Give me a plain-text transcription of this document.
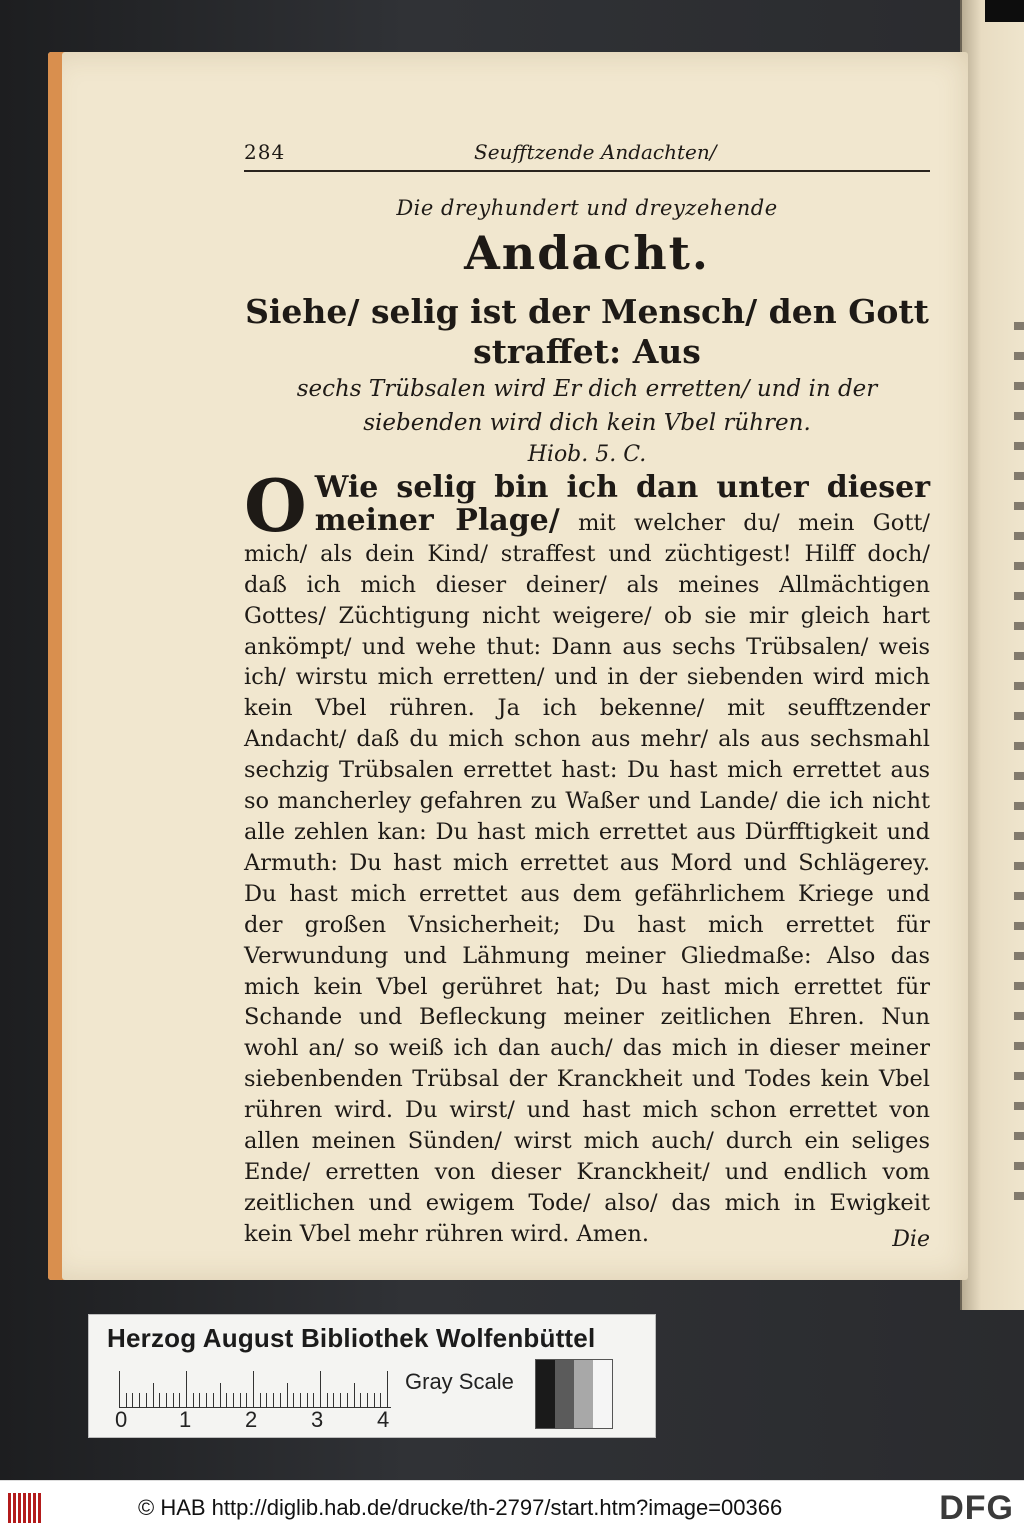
284	Seufftzende Andachten/
Die dreyhundert und dreyzehende
Andacht.
Siehe/ selig ist der Mensch/ den Gott straffet: Aus
sechs Trübsalen wird Er dich erretten/ und in der siebenden wird dich kein Vbel rühren.
Hiob. 5. C.
O Wie selig bin ich dan unter dieser meiner Plage/ mit welcher du/ mein Gott/ mich/ als dein Kind/ straffest und züchtigest! Hilff doch/ daß ich mich dieser deiner/ als meines Allmächtigen Gottes/ Züchtigung nicht weigere/ ob sie mir gleich hart ankömpt/ und wehe thut: Dann aus sechs Trübsalen/ weis ich/ wirstu mich erretten/ und in der siebenden wird mich kein Vbel rühren. Ja ich bekenne/ mit seufftzender Andacht/ daß du mich schon aus mehr/ als aus sechsmahl sechzig Trübsalen errettet hast: Du hast mich errettet aus so mancherley gefahren zu Waßer und Lande/ die ich nicht alle zehlen kan: Du hast mich errettet aus Dürfftigkeit und Armuth: Du hast mich errettet aus Mord und Schlägerey. Du hast mich errettet aus dem gefährlichem Kriege und der großen Vnsicherheit; Du hast mich errettet für Verwundung und Lähmung meiner Gliedmaße: Also das mich kein Vbel gerühret hat; Du hast mich errettet für Schande und Befleckung meiner zeitlichen Ehren. Nun wohl an/ so weiß ich dan auch/ das mich in dieser meiner siebenbenden Trübsal der Kranckheit und Todes kein Vbel rühren wird. Du wirst/ und hast mich schon errettet von allen meinen Sünden/ wirst mich auch/ durch ein seliges Ende/ erretten von dieser Kranckheit/ und endlich vom zeitlichen und ewigem Tode/ also/ das mich in Ewigkeit kein Vbel mehr rühren wird. Amen.	Die
Herzog August Bibliothek Wolfenbüttel
0 1 2 3 4
Gray Scale
© HAB http://diglib.hab.de/drucke/th-2797/start.htm?image=00366	DFG
